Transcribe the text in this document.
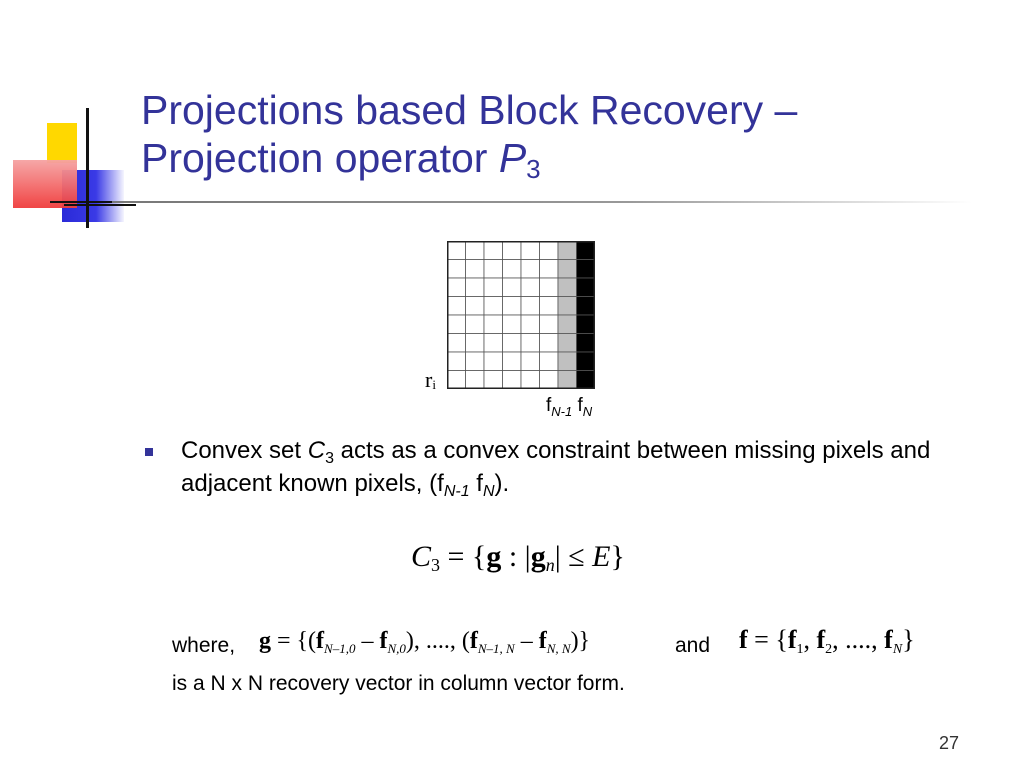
Projections based Block Recovery –
Projection operator $P_3$
$r_i$
$f_{N-1}$ $f_N$
Convex set $C_3$ acts as a convex constraint between missing pixels and adjacent known pixels, ($f_{N-1}$ $f_N$).
$C_3 = \{g$ : $|g_n| \le E$}
where, $g = \{(f_{N-1,0} - f_{N,0})$, ...., $(f_{N-1, N} - f_{N, N})$}	and $f = \{f_1$, $f_2$, ...., $f_N$}
is a N x N recovery vector in column vector form.
27
